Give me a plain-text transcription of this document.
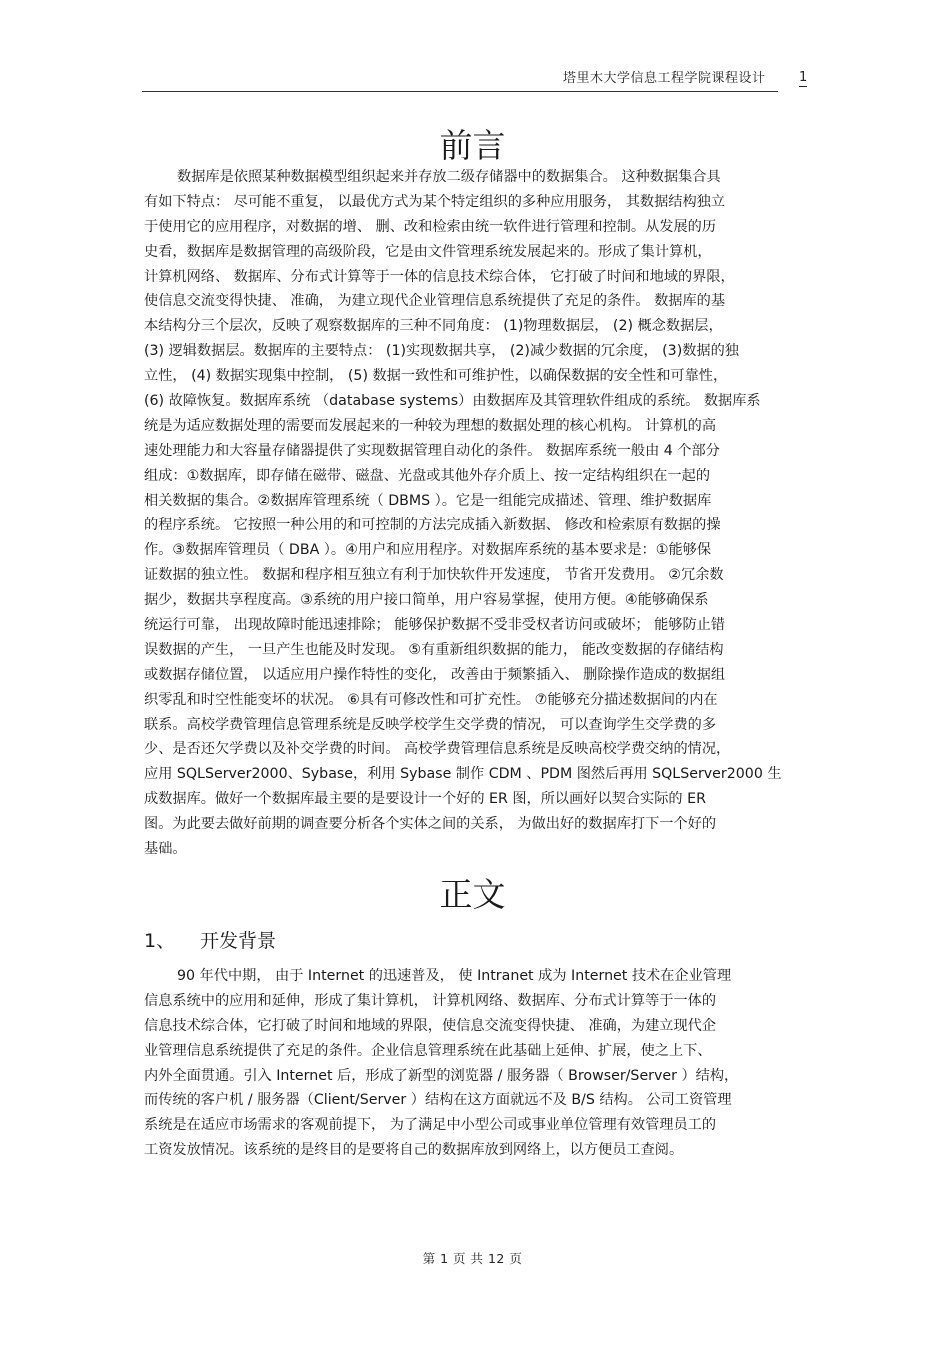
塔里木大学信息工程学院课程设计	1
前言
数据库是依照某种数据模型组织起来并存放二级存储器中的数据集合。 这种数据集合具
有如下特点： 尽可能不重复， 以最优方式为某个特定组织的多种应用服务， 其数据结构独立
于使用它的应用程序，对数据的增、 删、改和检索由统一软件进行管理和控制。从发展的历
史看，数据库是数据管理的高级阶段，它是由文件管理系统发展起来的。形成了集计算机，
计算机网络、 数据库、分布式计算等于一体的信息技术综合体， 它打破了时间和地域的界限，
使信息交流变得快捷、 准确， 为建立现代企业管理信息系统提供了充足的条件。 数据库的基
本结构分三个层次，反映了观察数据库的三种不同角度： (1)物理数据层， (2) 概念数据层，
(3) 逻辑数据层。数据库的主要特点： (1)实现数据共享， (2)减少数据的冗余度， (3)数据的独
立性， (4) 数据实现集中控制， (5) 数据一致性和可维护性，以确保数据的安全性和可靠性，
(6) 故障恢复。数据库系统 （database systems）由数据库及其管理软件组成的系统。 数据库系
统是为适应数据处理的需要而发展起来的一种较为理想的数据处理的核心机构。 计算机的高
速处理能力和大容量存储器提供了实现数据管理自动化的条件。 数据库系统一般由 4 个部分
组成：①数据库，即存储在磁带、磁盘、光盘或其他外存介质上、按一定结构组织在一起的
相关数据的集合。②数据库管理系统（ DBMS ）。它是一组能完成描述、管理、维护数据库
的程序系统。 它按照一种公用的和可控制的方法完成插入新数据、 修改和检索原有数据的操
作。③数据库管理员（ DBA ）。④用户和应用程序。对数据库系统的基本要求是：①能够保
证数据的独立性。 数据和程序相互独立有利于加快软件开发速度， 节省开发费用。 ②冗余数
据少，数据共享程度高。③系统的用户接口简单，用户容易掌握，使用方便。④能够确保系
统运行可靠， 出现故障时能迅速排除； 能够保护数据不受非受权者访问或破坏； 能够防止错
误数据的产生， 一旦产生也能及时发现。 ⑤有重新组织数据的能力， 能改变数据的存储结构
或数据存储位置， 以适应用户操作特性的变化， 改善由于频繁插入、 删除操作造成的数据组
织零乱和时空性能变坏的状况。 ⑥具有可修改性和可扩充性。 ⑦能够充分描述数据间的内在
联系。高校学费管理信息管理系统是反映学校学生交学费的情况， 可以查询学生交学费的多
少、是否还欠学费以及补交学费的时间。 高校学费管理信息系统是反映高校学费交纳的情况，
应用 SQLServer2000、Sybase，利用 Sybase 制作 CDM 、PDM 图然后再用 SQLServer2000 生
成数据库。做好一个数据库最主要的是要设计一个好的 ER 图，所以画好以契合实际的 ER
图。为此要去做好前期的调查要分析各个实体之间的关系， 为做出好的数据库打下一个好的
基础。
正文
1、 开发背景
90 年代中期， 由于 Internet 的迅速普及， 使 Intranet 成为 Internet 技术在企业管理
信息系统中的应用和延伸，形成了集计算机， 计算机网络、数据库、分布式计算等于一体的
信息技术综合体，它打破了时间和地域的界限，使信息交流变得快捷、 准确，为建立现代企
业管理信息系统提供了充足的条件。企业信息管理系统在此基础上延伸、扩展，使之上下、
内外全面贯通。引入 Internet 后，形成了新型的浏览器 / 服务器（ Browser/Server ）结构，
而传统的客户机 / 服务器（Client/Server ）结构在这方面就远不及 B/S 结构。 公司工资管理
系统是在适应市场需求的客观前提下， 为了满足中小型公司或事业单位管理有效管理员工的
工资发放情况。该系统的是终目的是要将自己的数据库放到网络上，以方便员工查阅。
第 1 页 共 12 页
